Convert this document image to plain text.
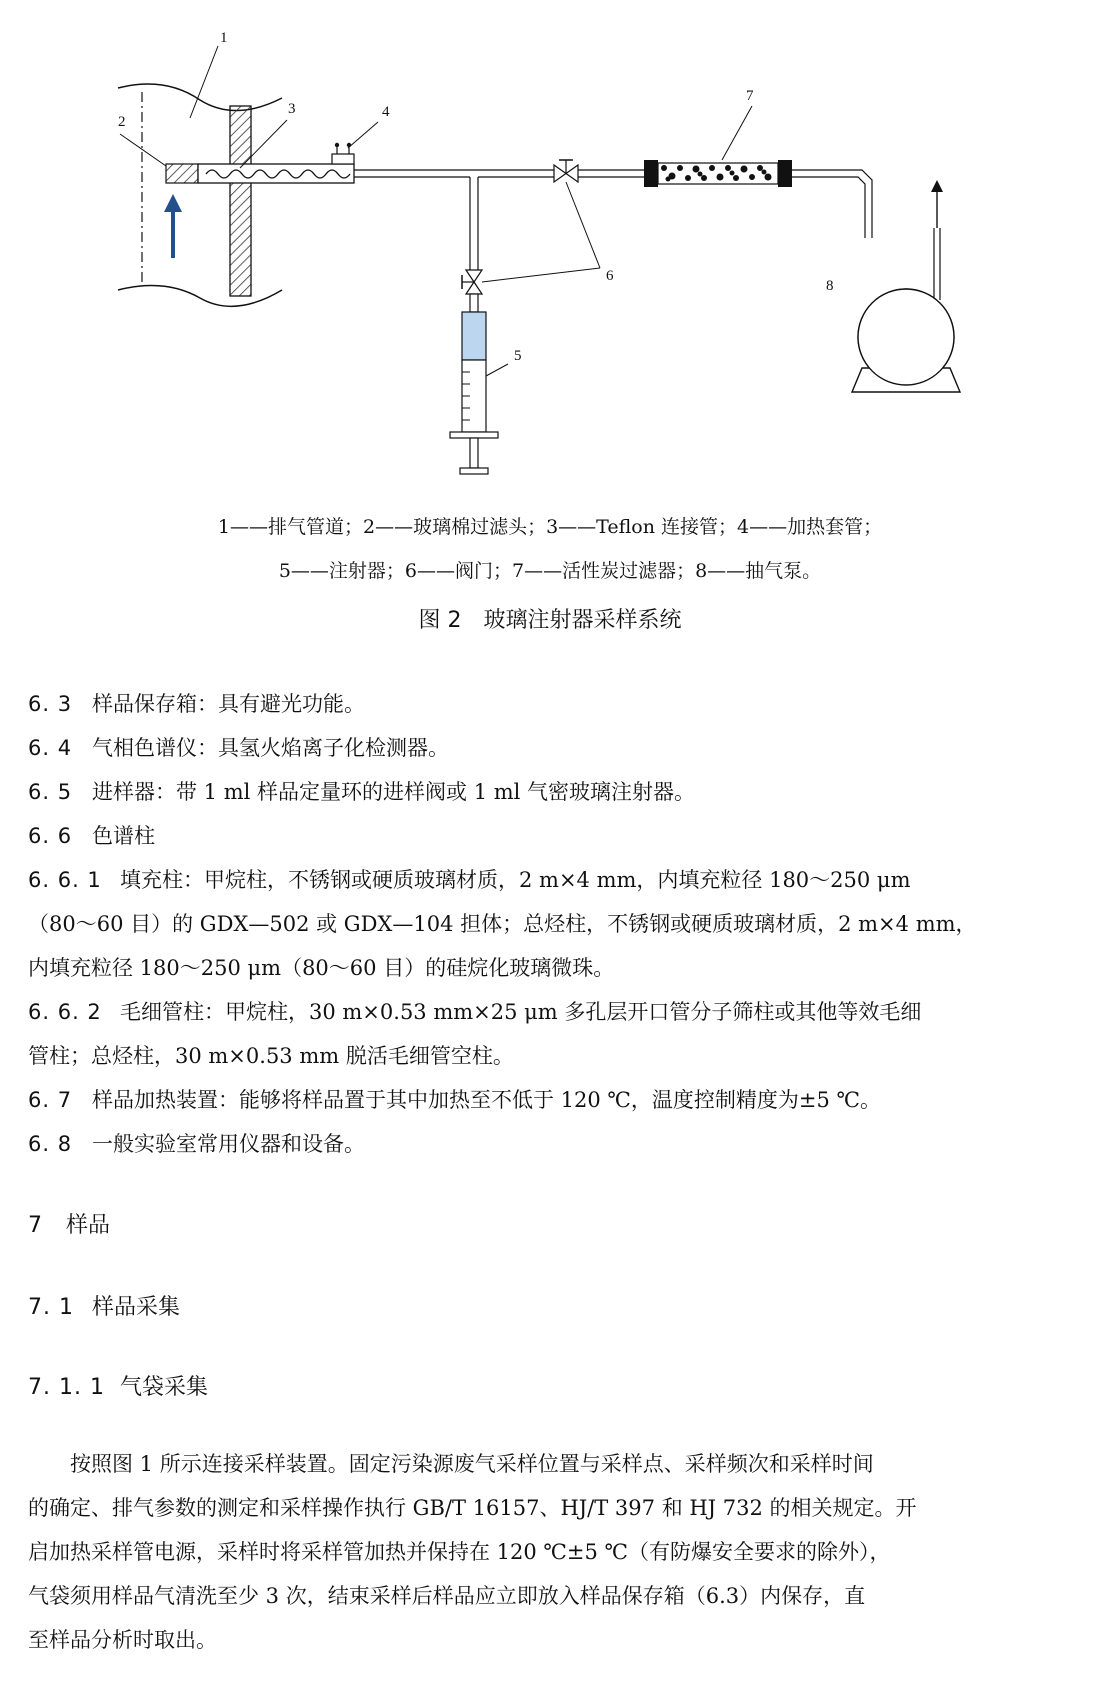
1
2
3	4
5
6
7
8
1——排气管道；2——玻璃棉过滤头；3——Teflon 连接管；4——加热套管；
5——注射器；6——阀门；7——活性炭过滤器；8——抽气泵。
图 2　玻璃注射器采样系统
6. 3 样品保存箱：具有避光功能。
6. 4 气相色谱仪：具氢火焰离子化检测器。
6. 5 进样器：带 1 ml 样品定量环的进样阀或 1 ml 气密玻璃注射器。
6. 6 色谱柱
6. 6. 1 填充柱：甲烷柱，不锈钢或硬质玻璃材质，2 m×4 mm，内填充粒径 180～250 μm
（80～60 目）的 GDX—502 或 GDX—104 担体；总烃柱，不锈钢或硬质玻璃材质，2 m×4 mm，
内填充粒径 180～250 μm（80～60 目）的硅烷化玻璃微珠。
6. 6. 2 毛细管柱：甲烷柱，30 m×0.53 mm×25 μm 多孔层开口管分子筛柱或其他等效毛细
管柱；总烃柱，30 m×0.53 mm 脱活毛细管空柱。
6. 7 样品加热装置：能够将样品置于其中加热至不低于 120 ℃，温度控制精度为±5 ℃。
6. 8 一般实验室常用仪器和设备。
7 样品
7. 1 样品采集
7. 1. 1 气袋采集
　　按照图 1 所示连接采样装置。固定污染源废气采样位置与采样点、采样频次和采样时间
的确定、排气参数的测定和采样操作执行 GB/T 16157、HJ/T 397 和 HJ 732 的相关规定。开
启加热采样管电源，采样时将采样管加热并保持在 120 ℃±5 ℃（有防爆安全要求的除外），
气袋须用样品气清洗至少 3 次，结束采样后样品应立即放入样品保存箱（6.3）内保存，直
至样品分析时取出。
